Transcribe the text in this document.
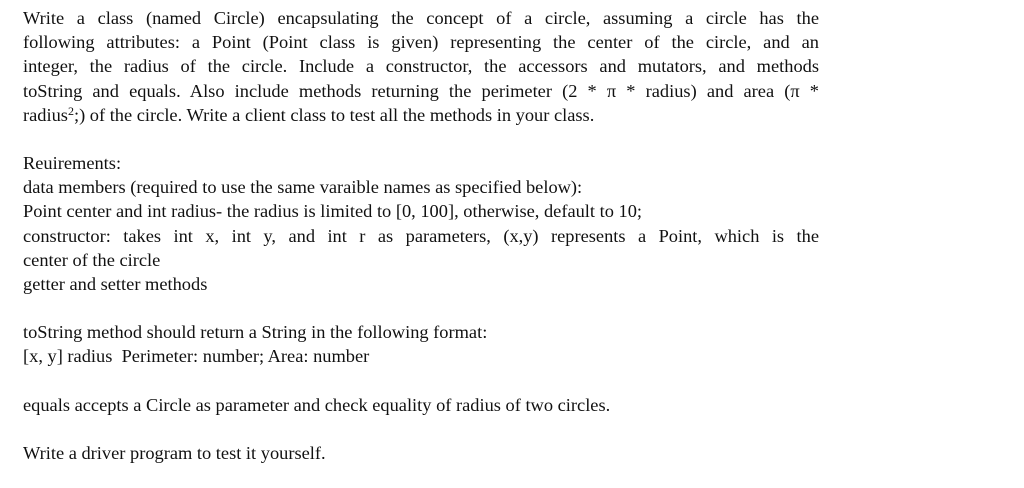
Write a class (named Circle) encapsulating the concept of a circle, assuming a circle has the
following attributes: a Point (Point class is given) representing the center of the circle, and an
integer, the radius of the circle. Include a constructor, the accessors and mutators, and methods
toString and equals. Also include methods returning the perimeter (2 * π * radius) and area (π *
radius$^2$;) of the circle. Write a client class to test all the methods in your class.

Reuirements:
data members (required to use the same varaible names as specified below):
Point center and int radius- the radius is limited to [0, 100], otherwise, default to 10;
constructor: takes int x, int y, and int r as parameters, (x,y) represents a Point, which is the
center of the circle
getter and setter methods

toString method should return a String in the following format:
[x, y] radius  Perimeter: number; Area: number

equals accepts a Circle as parameter and check equality of radius of two circles.

Write a driver program to test it yourself.
